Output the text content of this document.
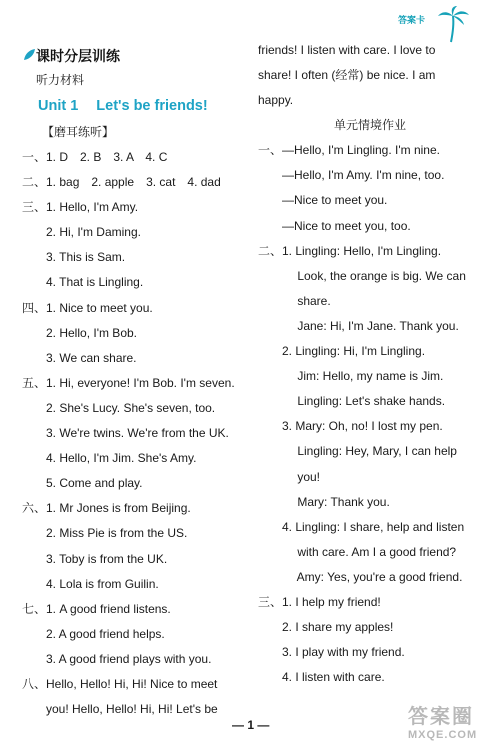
答案卡
课时分层训练
听力材料
Unit 1 Let's be friends!
【磨耳练听】
一、1. D　2. B　3. A　4. C
二、1. bag　2. apple　3. cat　4. dad
三、1. Hello, I'm Amy.
　　2. Hi, I'm Daming.
　　3. This is Sam.
　　4. That is Lingling.
四、1. Nice to meet you.
　　2. Hello, I'm Bob.
　　3. We can share.
五、1. Hi, everyone! I'm Bob. I'm seven.
　　2. She's Lucy. She's seven, too.
　　3. We're twins. We're from the UK.
　　4. Hello, I'm Jim. She's Amy.
　　5. Come and play.
六、1. Mr Jones is from Beijing.
　　2. Miss Pie is from the US.
　　3. Toby is from the UK.
　　4. Lola is from Guilin.
七、1. A good friend listens.
　　2. A good friend helps.
　　3. A good friend plays with you.
八、Hello, Hello! Hi, Hi! Nice to meet
　　you! Hello, Hello! Hi, Hi! Let's be
friends! I listen with care. I love to
share! I often (经常) be nice. I am
happy.
单元情境作业
一、—Hello, I'm Lingling. I'm nine.
　　—Hello, I'm Amy. I'm nine, too.
　　—Nice to meet you.
　　—Nice to meet you, too.
二、1. Lingling: Hello, I'm Lingling.
　　　 Look, the orange is big. We can
　　　 share.
　　　 Jane: Hi, I'm Jane. Thank you.
　　2. Lingling: Hi, I'm Lingling.
　　　 Jim: Hello, my name is Jim.
　　　 Lingling: Let's shake hands.
　　3. Mary: Oh, no! I lost my pen.
　　　 Lingling: Hey, Mary, I can help
　　　 you!
　　　 Mary: Thank you.
　　4. Lingling: I share, help and listen
　　　 with care. Am I a good friend?
　　　 Amy: Yes, you're a good friend.
三、1. I help my friend!
　　2. I share my apples!
　　3. I play with my friend.
　　4. I listen with care.
— 1 —	答案圈
MXQE.COM
